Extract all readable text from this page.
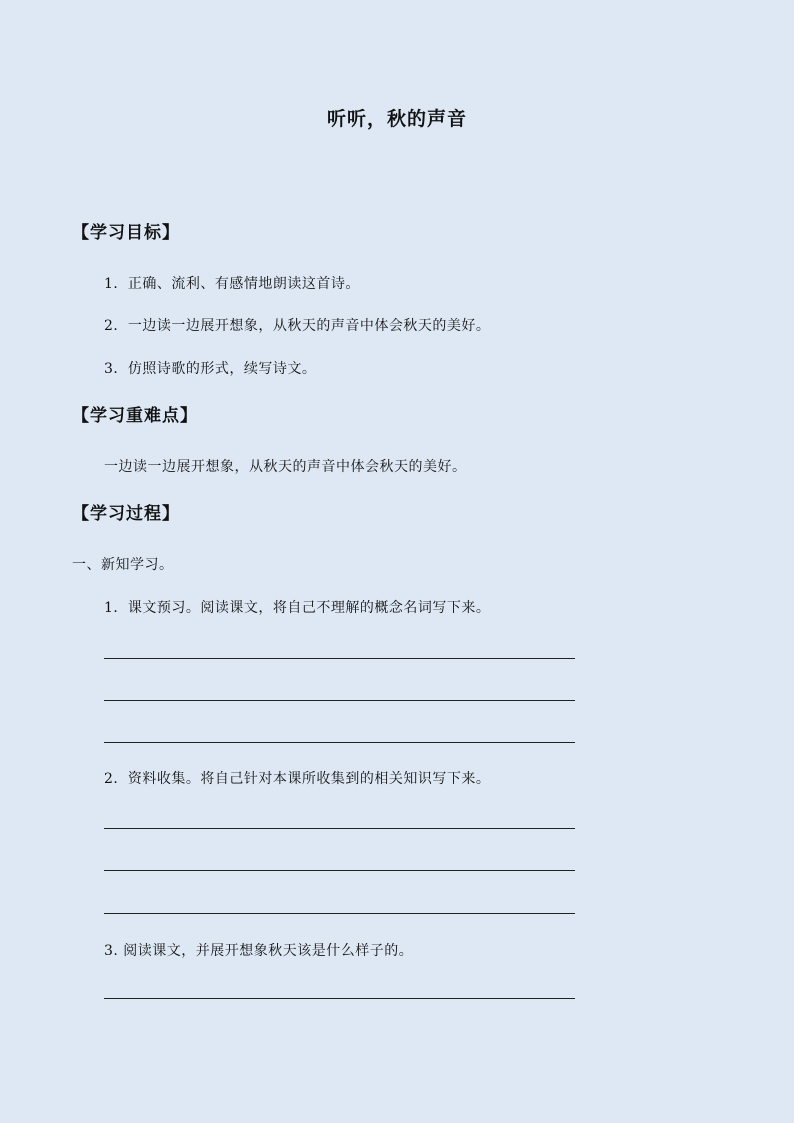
听听，秋的声音
【学习目标】
1．正确、流利、有感情地朗读这首诗。
2．一边读一边展开想象，从秋天的声音中体会秋天的美好。
3．仿照诗歌的形式，续写诗文。
【学习重难点】
一边读一边展开想象，从秋天的声音中体会秋天的美好。
【学习过程】
一、新知学习。
1．课文预习。阅读课文，将自己不理解的概念名词写下来。
2．资料收集。将自己针对本课所收集到的相关知识写下来。
3. 阅读课文，并展开想象秋天该是什么样子的。
